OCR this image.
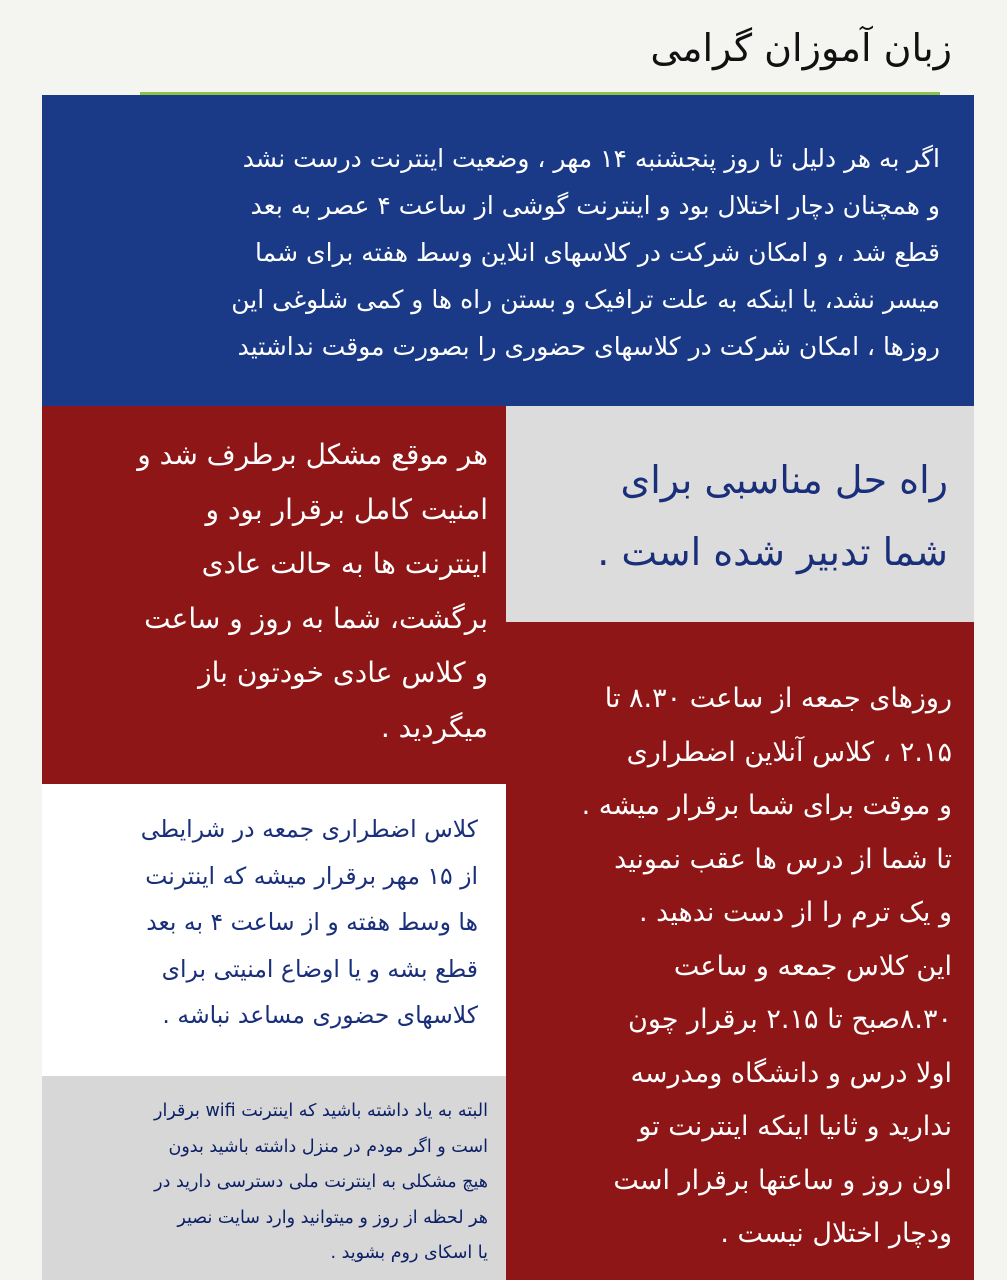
زبان آموزان گرامی
اگر به هر دلیل تا روز پنجشنبه ۱۴ مهر ، وضعیت اینترنت درست نشد
و همچنان دچار اختلال بود و اینترنت گوشی از ساعت ۴ عصر به بعد
قطع شد ، و امکان شرکت در کلاسهای انلاین وسط هفته برای شما
میسر نشد، یا اینکه به علت ترافیک و بستن راه ها و کمی شلوغی این
روزها ، امکان شرکت در کلاسهای حضوری را بصورت موقت نداشتید
هر موقع مشکل برطرف شد و
امنیت کامل برقرار بود و
اینترنت ها به حالت عادی
برگشت، شما به روز و ساعت
و کلاس عادی خودتون باز
میگردید .
راه حل مناسبی برای
شما تدبیر شده است .
کلاس اضطراری جمعه در شرایطی
از ۱۵ مهر برقرار میشه که اینترنت
ها وسط هفته و از ساعت ۴ به بعد
قطع بشه و یا اوضاع امنیتی برای
کلاسهای حضوری مساعد نباشه .
البته به یاد داشته باشید که اینترنت wifi برقرار
است و اگر مودم در منزل داشته باشید بدون
هیچ مشکلی به اینترنت ملی دسترسی دارید در
هر لحظه از روز و میتوانید وارد سایت نصیر
یا اسکای روم بشوید .
روزهای جمعه از ساعت ۸.۳۰ تا
۲.۱۵ ، کلاس آنلاین اضطراری
و موقت برای شما برقرار میشه .
تا شما از درس ها عقب نمونید
و یک ترم را از دست ندهید .
این کلاس جمعه و ساعت
۸.۳۰صبح تا ۲.۱۵ برقرار چون
اولا درس و دانشگاه ومدرسه
ندارید و ثانیا اینکه اینترنت تو
اون روز و ساعتها برقرار است
ودچار اختلال نیست .
